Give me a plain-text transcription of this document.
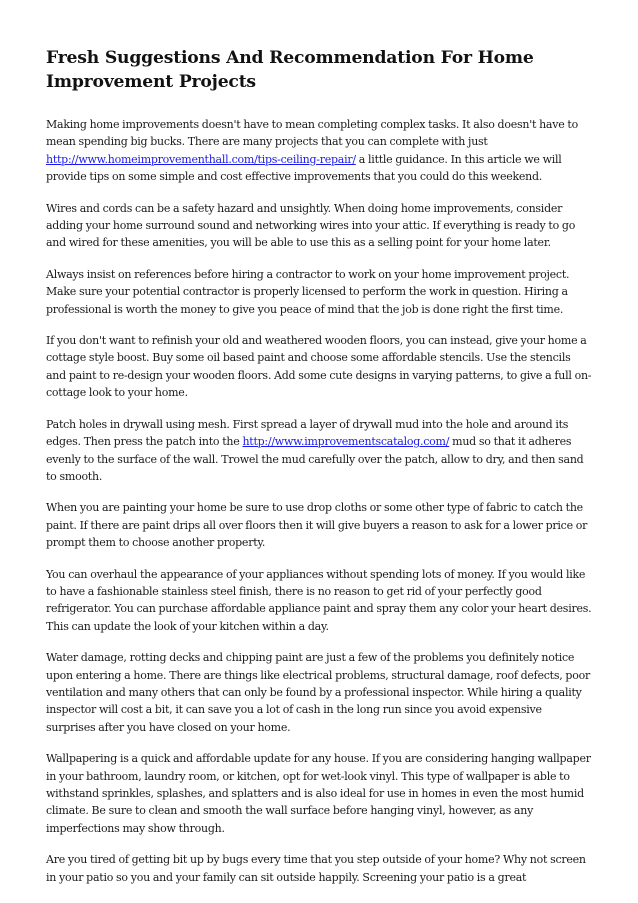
Fresh Suggestions And Recommendation For Home Improvement Projects

Making home improvements doesn't have to mean completing complex tasks. It also doesn't have to mean spending big bucks. There are many projects that you can complete with just http://www.homeimprovementhall.com/tips-ceiling-repair/ a little guidance. In this article we will provide tips on some simple and cost effective improvements that you could do this weekend.

Wires and cords can be a safety hazard and unsightly. When doing home improvements, consider adding your home surround sound and networking wires into your attic. If everything is ready to go and wired for these amenities, you will be able to use this as a selling point for your home later.

Always insist on references before hiring a contractor to work on your home improvement project. Make sure your potential contractor is properly licensed to perform the work in question. Hiring a professional is worth the money to give you peace of mind that the job is done right the first time.

If you don't want to refinish your old and weathered wooden floors, you can instead, give your home a cottage style boost. Buy some oil based paint and choose some affordable stencils. Use the stencils and paint to re-design your wooden floors. Add some cute designs in varying patterns, to give a full on-cottage look to your home.

Patch holes in drywall using mesh. First spread a layer of drywall mud into the hole and around its edges. Then press the patch into the http://www.improvementscatalog.com/ mud so that it adheres evenly to the surface of the wall. Trowel the mud carefully over the patch, allow to dry, and then sand to smooth.

When you are painting your home be sure to use drop cloths or some other type of fabric to catch the paint. If there are paint drips all over floors then it will give buyers a reason to ask for a lower price or prompt them to choose another property.

You can overhaul the appearance of your appliances without spending lots of money. If you would like to have a fashionable stainless steel finish, there is no reason to get rid of your perfectly good refrigerator. You can purchase affordable appliance paint and spray them any color your heart desires. This can update the look of your kitchen within a day.

Water damage, rotting decks and chipping paint are just a few of the problems you definitely notice upon entering a home. There are things like electrical problems, structural damage, roof defects, poor ventilation and many others that can only be found by a professional inspector. While hiring a quality inspector will cost a bit, it can save you a lot of cash in the long run since you avoid expensive surprises after you have closed on your home.

Wallpapering is a quick and affordable update for any house. If you are considering hanging wallpaper in your bathroom, laundry room, or kitchen, opt for wet-look vinyl. This type of wallpaper is able to withstand sprinkles, splashes, and splatters and is also ideal for use in homes in even the most humid climate. Be sure to clean and smooth the wall surface before hanging vinyl, however, as any imperfections may show through.

Are you tired of getting bit up by bugs every time that you step outside of your home? Why not screen in your patio so you and your family can sit outside happily. Screening your patio is a great
